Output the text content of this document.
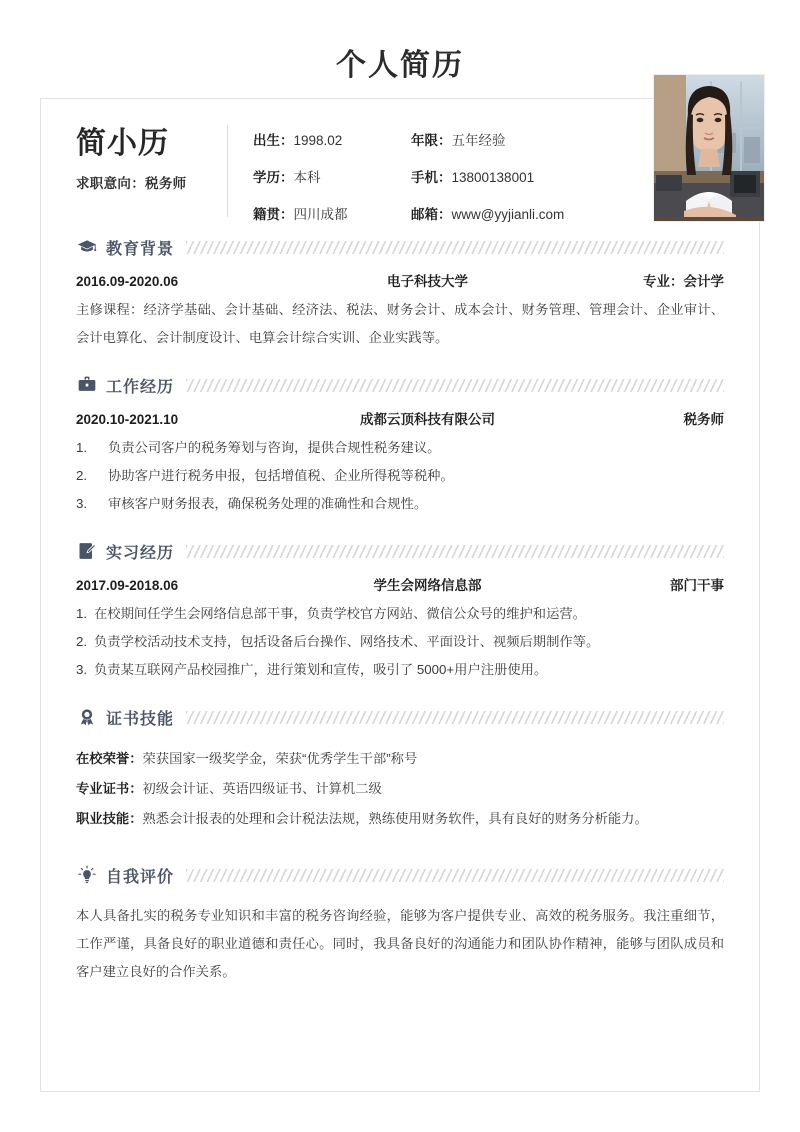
个人简历
简小历
求职意向：税务师
出生：1998.02	年限：五年经验
学历：本科	手机：13800138001
籍贯：四川成都	邮箱：www@yyjianli.com
教育背景
2016.09-2020.06	电子科技大学	专业：会计学
主修课程：经济学基础、会计基础、经济法、税法、财务会计、成本会计、财务管理、管理会计、企业审计、会计电算化、会计制度设计、电算会计综合实训、企业实践等。
工作经历
2020.10-2021.10	成都云顶科技有限公司	税务师
1.	负责公司客户的税务筹划与咨询，提供合规性税务建议。
2.	协助客户进行税务申报，包括增值税、企业所得税等税种。
3.	审核客户财务报表，确保税务处理的准确性和合规性。
实习经历
2017.09-2018.06	学生会网络信息部	部门干事
1. 在校期间任学生会网络信息部干事，负责学校官方网站、微信公众号的维护和运营。
2. 负责学校活动技术支持，包括设备后台操作、网络技术、平面设计、视频后期制作等。
3. 负责某互联网产品校园推广，进行策划和宣传，吸引了 5000+用户注册使用。
证书技能
在校荣誉：荣获国家一级奖学金，荣获“优秀学生干部”称号
专业证书：初级会计证、英语四级证书、计算机二级
职业技能：熟悉会计报表的处理和会计税法法规，熟练使用财务软件，具有良好的财务分析能力。
自我评价
本人具备扎实的税务专业知识和丰富的税务咨询经验，能够为客户提供专业、高效的税务服务。我注重细节，工作严谨，具备良好的职业道德和责任心。同时，我具备良好的沟通能力和团队协作精神，能够与团队成员和客户建立良好的合作关系。
